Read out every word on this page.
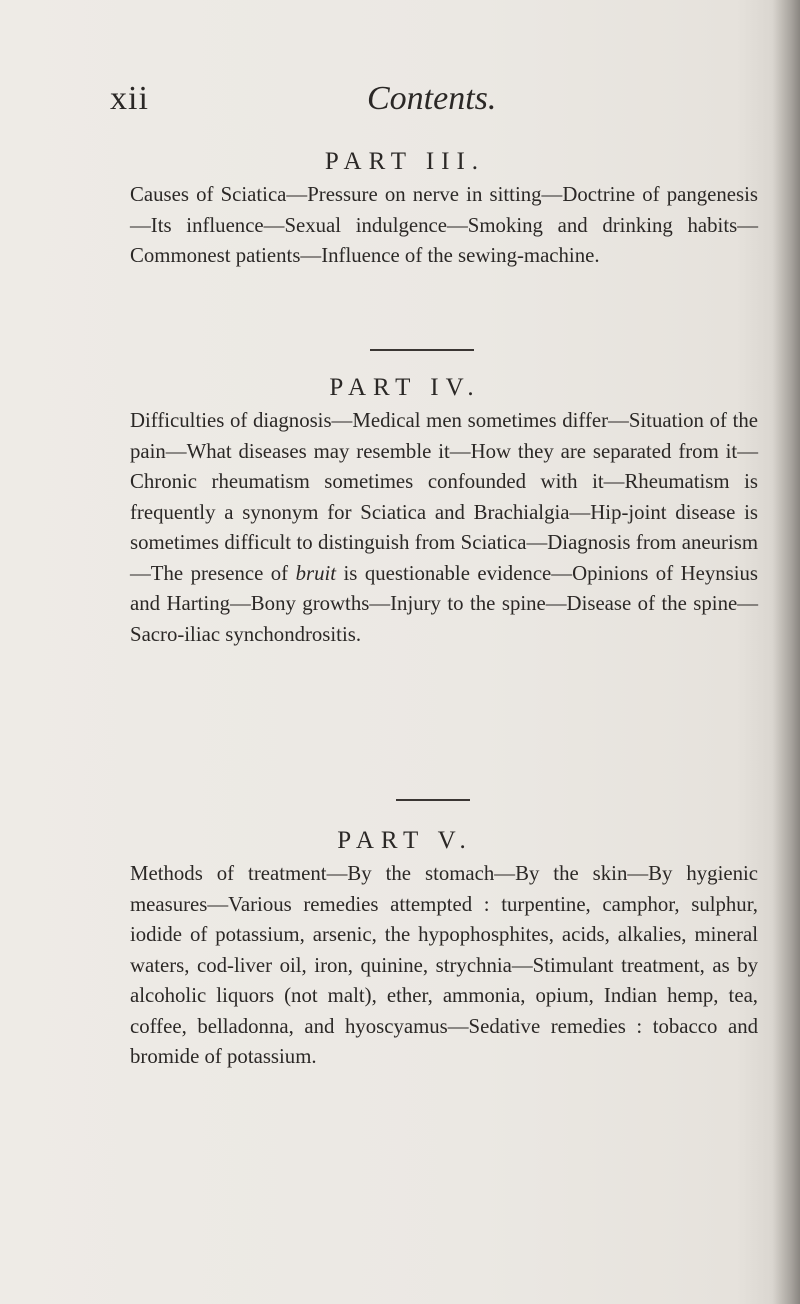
xii	Contents.
PART III.

Causes of Sciatica—Pressure on nerve in sitting—Doctrine of pangenesis—Its influence—Sexual indulgence—Smoking and drinking habits—Commonest patients—Influence of the sewing-machine.

PART IV.

Difficulties of diagnosis—Medical men sometimes differ—Situation of the pain—What diseases may resemble it—How they are separated from it—Chronic rheumatism sometimes confounded with it—Rheumatism is frequently a synonym for Sciatica and Brachialgia—Hip-joint disease is sometimes difficult to distinguish from Sciatica—Diagnosis from aneurism—The presence of bruit is questionable evidence—Opinions of Heynsius and Harting—Bony growths—Injury to the spine—Disease of the spine—Sacro-iliac synchondrositis.

PART V.

Methods of treatment—By the stomach—By the skin—By hygienic measures—Various remedies attempted : turpentine, camphor, sulphur, iodide of potassium, arsenic, the hypophosphites, acids, alkalies, mineral waters, cod-liver oil, iron, quinine, strychnia—Stimulant treatment, as by alcoholic liquors (not malt), ether, ammonia, opium, Indian hemp, tea, coffee, belladonna, and hyoscyamus—Sedative remedies : tobacco and bromide of potassium.
